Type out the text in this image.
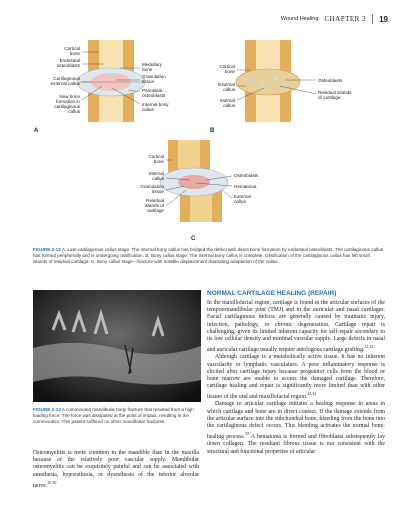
Wound Healing CHAPTER 2 19
Cortical bone
Endosteal osteoblasts
Cartilaginous external callus
New bone formation in cartilaginous callus
Medullary bone
Granulation tissue
Periosteal osteoblasts
Internal bony callus
A
Cortical bone
External callus
Internal callus
Osteoblasts
Residual islands of cartilage
B
Cortical bone
Internal callus
Granulation tissue
Residual islands of cartilage
Osteoblasts
Hematoma
External callus
C
FIGURE 2-12 A, Late cartilaginous callus stage. The internal bony callus has bridged the defect with direct bone formation by endosteal osteoblasts. The cartilaginous callus has formed peripherally and is undergoing ossification. B, Bony callus stage. The internal bony callus is complete. Ossification of the cartilaginous callus has left small islands of residual cartilage. C, Bony callus stage—fracture with notable displacement illustrating adaptation of the callus.
FIGURE 2-13 A comminuted mandibular body fracture that resulted from a high loading force. The force was dissipated at the point of impact, resulting in the comminution. This patient suffered no other mandibular fractures.
Osteomyelitis is more common in the mandible than in the maxilla because of the relatively poor vascular supply. Mandibular osteomyelitis can be exquisitely painful and can be associated with anesthesia, hypoesthesia, or dysesthesia of the inferior alveolar nerve.$^{29,30}$
NORMAL CARTILAGE HEALING (REPAIR)

In the maxillofacial region, cartilage is found in the articular surfaces of the temporomandibular joint (TMJ) and in the auricular and nasal cartilages. Facial cartilaginous defects are generally caused by traumatic injury, infection, pathology, or chronic degeneration. Cartilage repair is challenging, given its limited inherent capacity for self-repair secondary to its low cellular density and minimal vascular supply. Large defects in nasal and auricular cartilage usually require autologous cartilage grafting.$^{31,32}$

Although cartilage is a metabolically active tissue, it has no inherent vascularity or lymphatic vasculature. A poor inflammatory response is elicited after cartilage injury because progenitor cells from the blood or bone marrow are unable to access the damaged cartilage. Therefore, cartilage healing and repair is significantly more limited than with other tissues of the oral and maxillofacial region.$^{33,34}$

Damage to articular cartilage initiates a healing response in areas in which cartilage and bone are in direct contact. If the damage extends from the articular surface into the subchondral bone, bleeding from the bone into the cartilaginous defect occurs. This bleeding activates the normal bone-healing process.$^{35}$ A hematoma is formed and fibroblasts subsequently lay down collagen. The resultant fibrous tissue is not consistent with the structural and functional properties of articular
